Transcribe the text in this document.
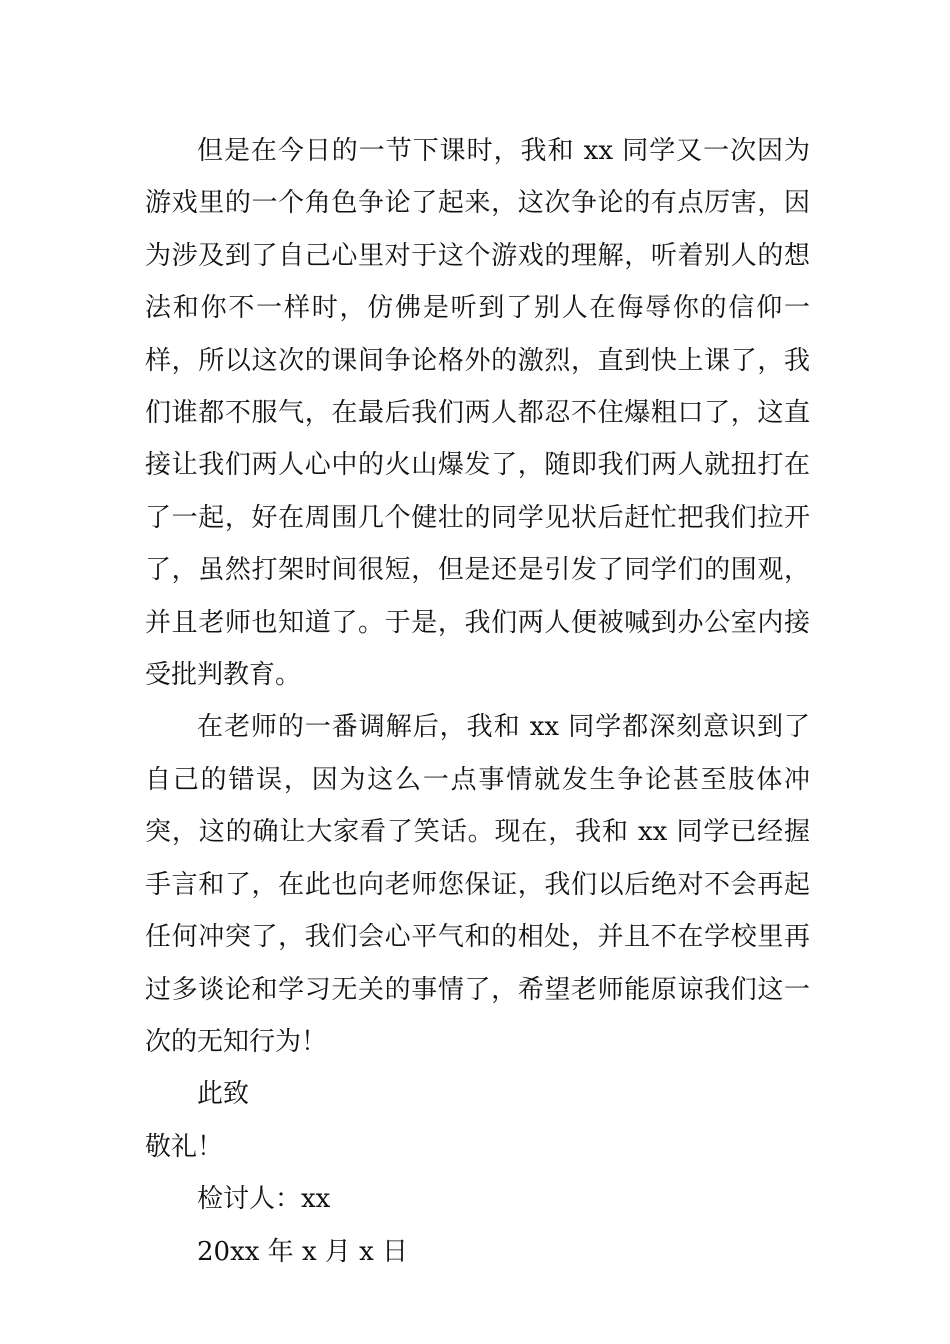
但是在今日的一节下课时，我和 xx 同学又一次因为游戏里的一个角色争论了起来，这次争论的有点厉害，因为涉及到了自己心里对于这个游戏的理解，听着别人的想法和你不一样时，仿佛是听到了别人在侮辱你的信仰一样，所以这次的课间争论格外的激烈，直到快上课了，我们谁都不服气，在最后我们两人都忍不住爆粗口了，这直接让我们两人心中的火山爆发了，随即我们两人就扭打在了一起，好在周围几个健壮的同学见状后赶忙把我们拉开了，虽然打架时间很短，但是还是引发了同学们的围观，并且老师也知道了。于是，我们两人便被喊到办公室内接受批判教育。

在老师的一番调解后，我和 xx 同学都深刻意识到了自己的错误，因为这么一点事情就发生争论甚至肢体冲突，这的确让大家看了笑话。现在，我和 xx 同学已经握手言和了，在此也向老师您保证，我们以后绝对不会再起任何冲突了，我们会心平气和的相处，并且不在学校里再过多谈论和学习无关的事情了，希望老师能原谅我们这一次的无知行为！

此致

敬礼！

检讨人：xx

20xx 年 x 月 x 日
